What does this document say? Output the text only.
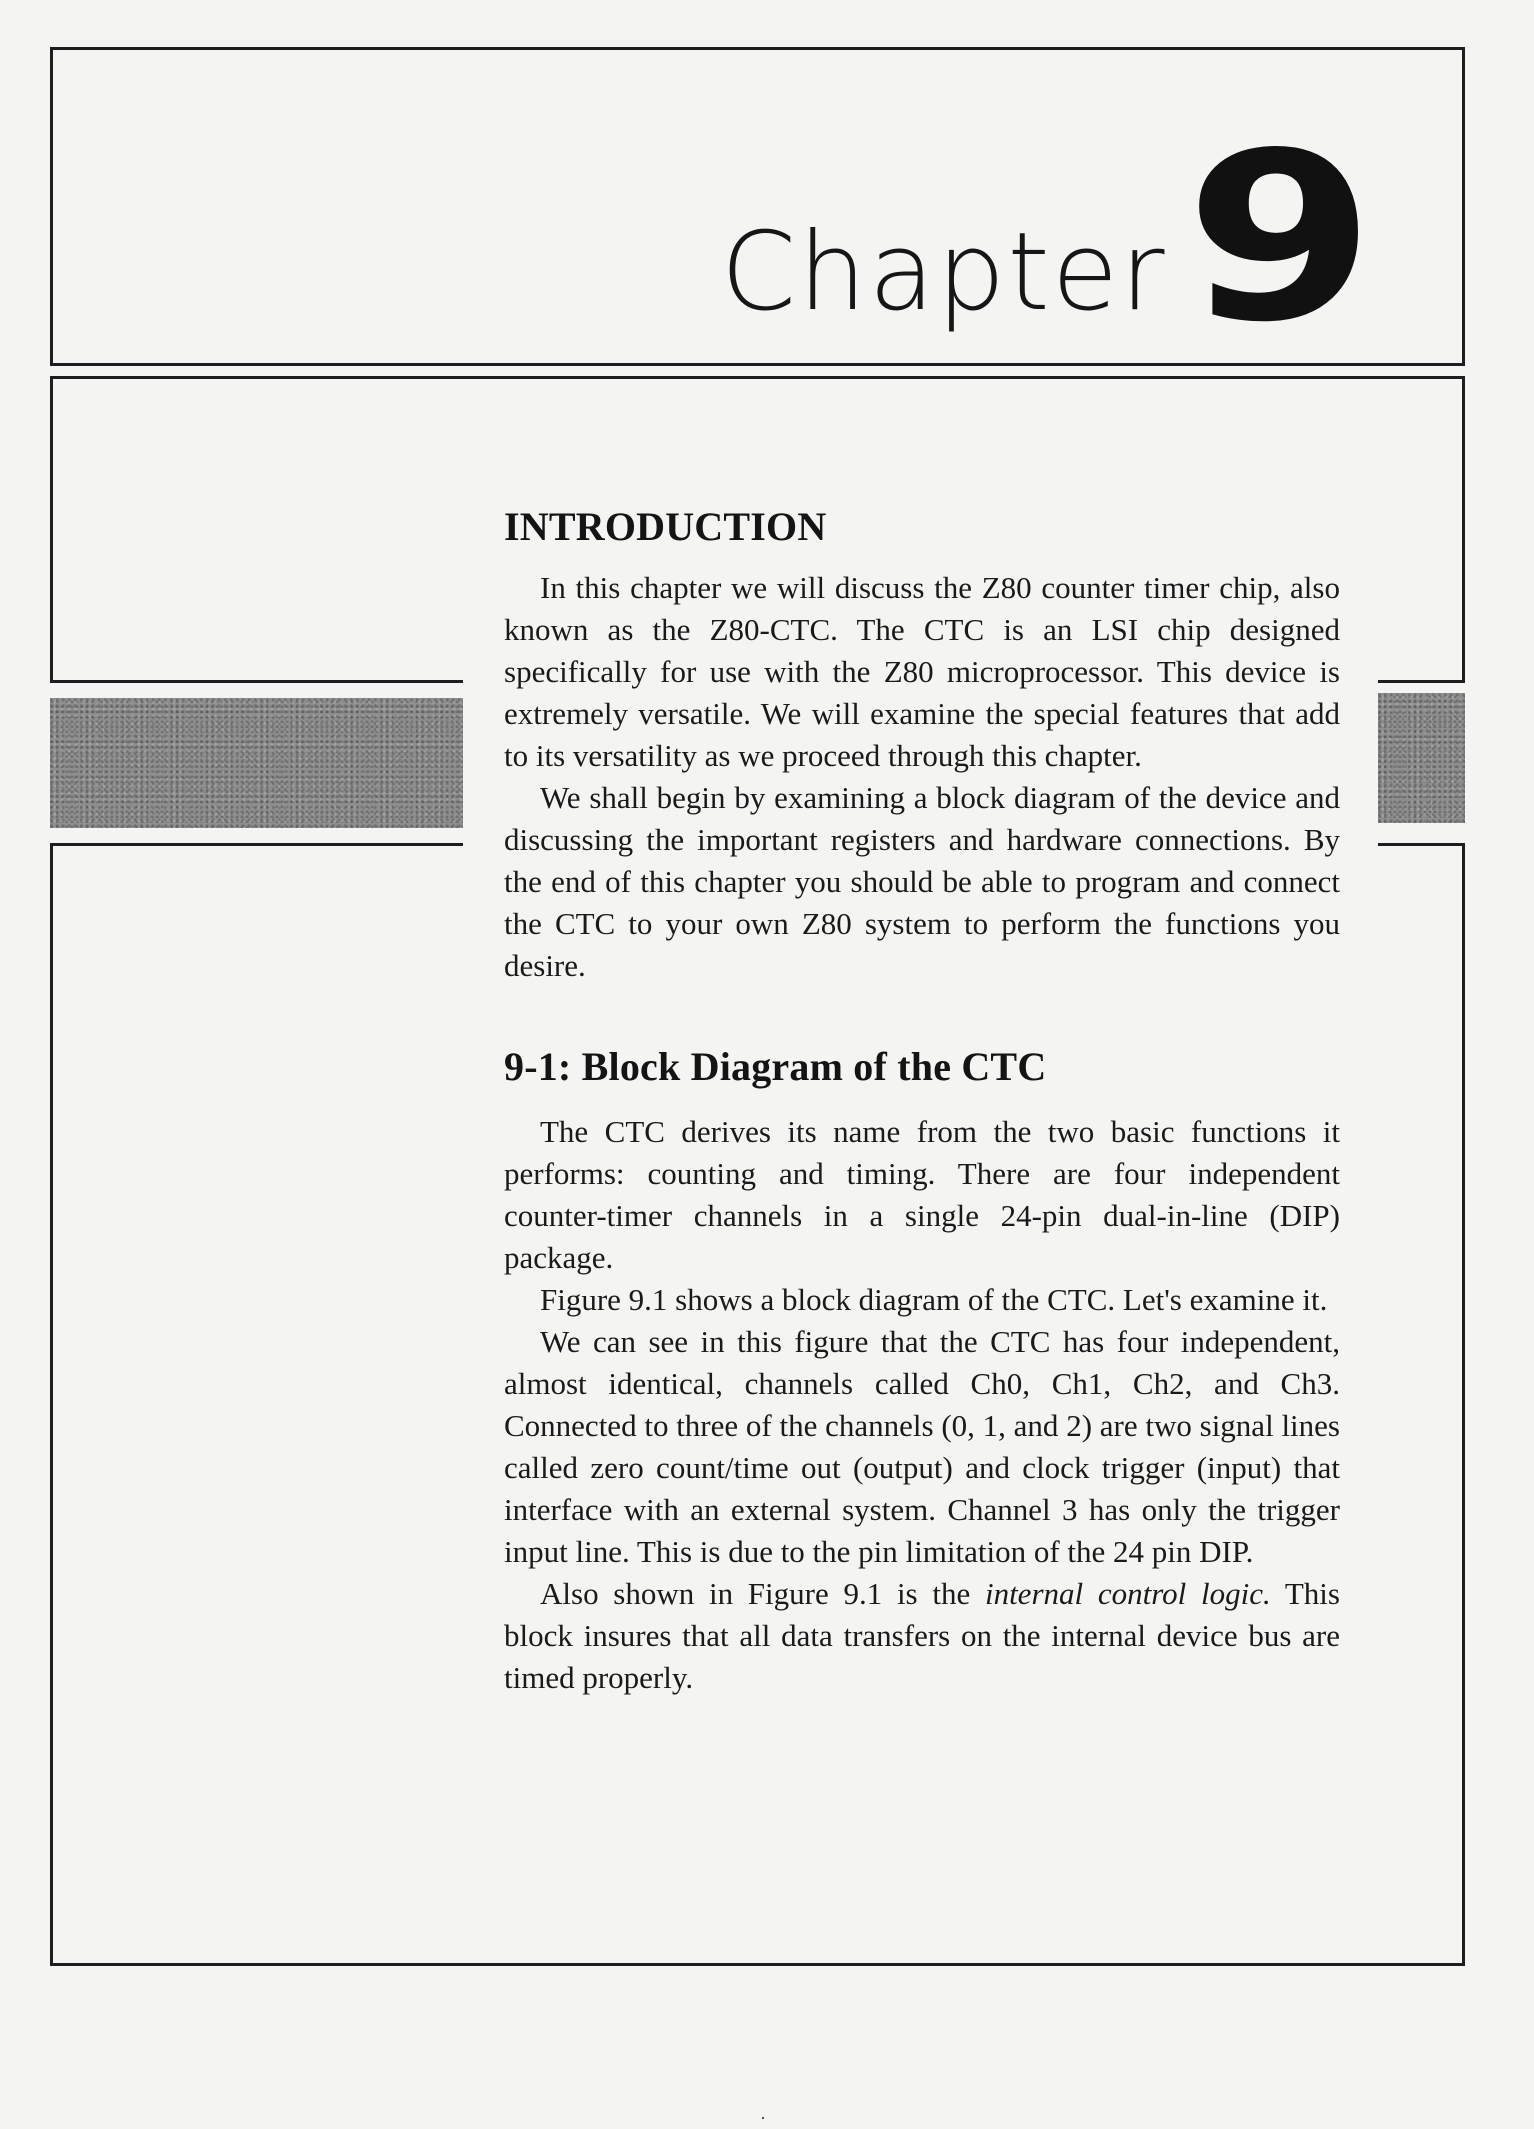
Chapter 9
INTRODUCTION

In this chapter we will discuss the Z80 counter timer chip, also known as the Z80-CTC. The CTC is an LSI chip designed specifically for use with the Z80 microprocessor. This device is extremely versatile. We will examine the special features that add to its versatility as we proceed through this chapter.

We shall begin by examining a block diagram of the device and discussing the important registers and hardware connections. By the end of this chapter you should be able to program and connect the CTC to your own Z80 system to perform the functions you desire.

9-1: Block Diagram of the CTC

The CTC derives its name from the two basic functions it performs: counting and timing. There are four independent counter-timer channels in a single 24-pin dual-in-line (DIP) package.

Figure 9.1 shows a block diagram of the CTC. Let's examine it.

We can see in this figure that the CTC has four independent, almost identical, channels called Ch0, Ch1, Ch2, and Ch3. Connected to three of the channels (0, 1, and 2) are two signal lines called zero count/time out (output) and clock trigger (input) that interface with an external system. Channel 3 has only the trigger input line. This is due to the pin limitation of the 24 pin DIP.

Also shown in Figure 9.1 is the internal control logic. This block insures that all data transfers on the internal device bus are timed properly.

·
